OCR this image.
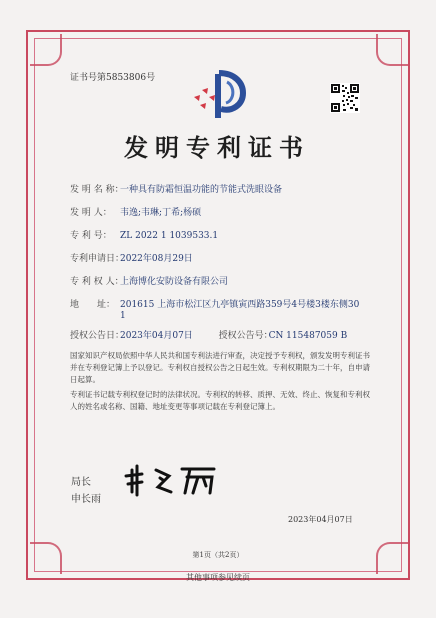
证书号第5853806号
发明专利证书
发 明 名 称：一种具有防霜恒温功能的节能式洗眼设备
发 明 人： 韦逸;韦琳;丁希;杨硕
专 利 号： ZL 2022 1 1039533.1
专利申请日：2022年08月29日
专 利 权 人：上海博化安防设备有限公司
地　　址： 201615 上海市松江区九亭镇寅西路359号4号楼3楼东侧30
1
授权公告日：2023年04月07日	授权公告号：CN 115487059 B
国家知识产权局依照中华人民共和国专利法进行审查，决定授予专利权，颁发发明专利证书并在专利登记簿上予以登记。专利权自授权公告之日起生效。专利权期限为二十年，自申请日起算。
专利证书记载专利权登记时的法律状况。专利权的转移、质押、无效、终止、恢复和专利权人的姓名或名称、国籍、地址变更等事项记载在专利登记簿上。
局长
申长雨
2023年04月07日
第1页（共2页）
其他事项参见续页
